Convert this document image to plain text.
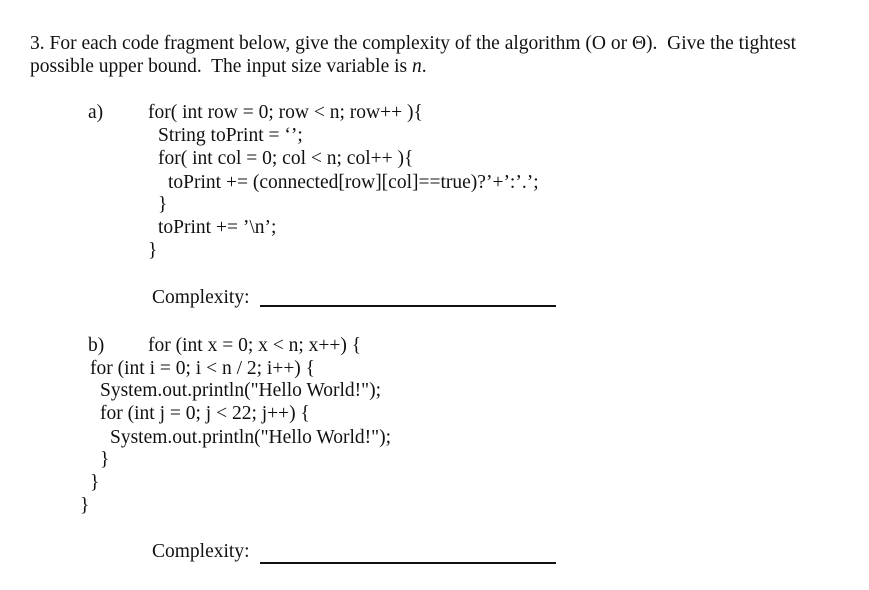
3. For each code fragment below, give the complexity of the algorithm (O or Θ).  Give the tightest
possible upper bound.  The input size variable is n.
a) for( int row = 0; row < n; row++ ){
String toPrint = ‘’;
for( int col = 0; col < n; col++ ){
toPrint += (connected[row][col]==true)?’+’:’.’;
}
toPrint += ’\n’;
}
Complexity:
b) for (int x = 0; x < n; x++) {
for (int i = 0; i < n / 2; i++) {
System.out.println("Hello World!");
for (int j = 0; j < 22; j++) {
System.out.println("Hello World!");
}
}
}
Complexity:
